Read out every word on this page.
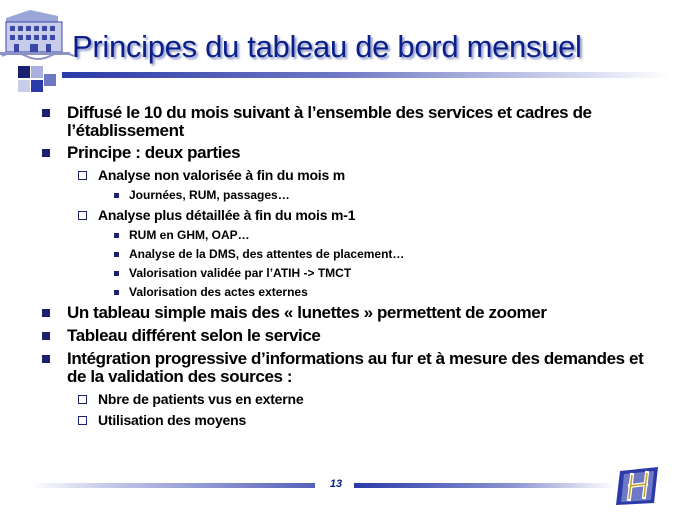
Principes du tableau de bord mensuel
Diffusé le 10 du mois suivant à l’ensemble des services et cadres de l’établissement
Principe : deux parties
Analyse non valorisée à fin du mois m
Journées, RUM, passages…
Analyse plus détaillée à fin du mois m-1
RUM en GHM, OAP…
Analyse de la DMS, des attentes de placement…
Valorisation validée par l’ATIH -> TMCT
Valorisation des actes externes
Un tableau simple mais des « lunettes » permettent de zoomer
Tableau différent selon le service
Intégration progressive d’informations au fur et à mesure des demandes et de la validation des sources :
Nbre de patients vus en externe
Utilisation des moyens
13
